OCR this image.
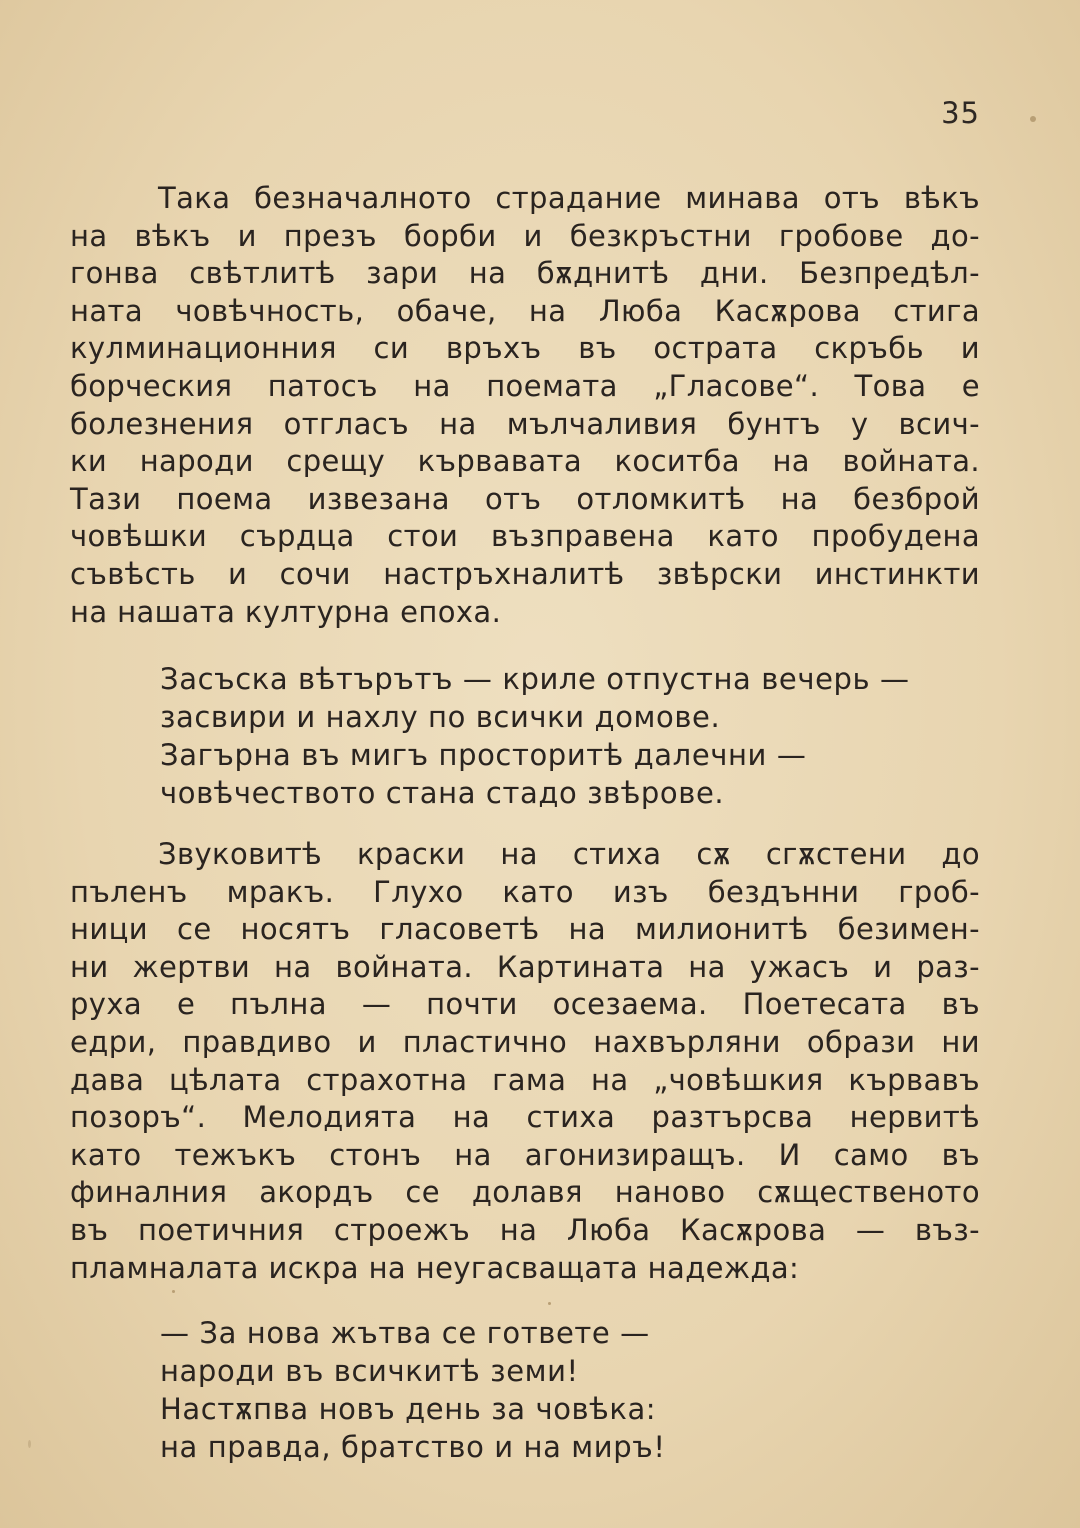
35
Така безначалното страдание минава отъ вѣкъ
на вѣкъ и презъ борби и безкръстни гробове до-
гонва свѣтлитѣ зари на бѫднитѣ дни. Безпредѣл-
ната човѣчность, обаче, на Люба Касѫрова стига
кулминационния си връхъ въ острата скръбь и
борческия патосъ на поемата „Гласове“. Това е
болезнения отгласъ на мълчаливия бунтъ у всич-
ки народи срещу кървавата коситба на войната.
Тази поема извезана отъ отломкитѣ на безброй
човѣшки сърдца стои възправена като пробудена
съвѣсть и сочи настръхналитѣ звѣрски инстинкти
на нашата културна епоха.
Засъска вѣтърътъ — криле отпустна вечерь —
засвири и нахлу по всички домове.
Загърна въ мигъ просторитѣ далечни —
човѣчеството стана стадо звѣрове.
Звуковитѣ краски на стиха сѫ сгѫстени до
пъленъ мракъ. Глухо като изъ бездънни гроб-
ници се носятъ гласоветѣ на милионитѣ безимен-
ни жертви на войната. Картината на ужасъ и раз-
руха е пълна — почти осезаема. Поетесата въ
едри, правдиво и пластично нахвърляни образи ни
дава цѣлата страхотна гама на „човѣшкия кървавъ
позоръ“. Мелодията на стиха разтърсва нервитѣ
като тежъкъ стонъ на агонизиращъ. И само въ
финалния акордъ се долавя наново сѫщественото
въ поетичния строежъ на Люба Касѫрова — въз-
пламналата искра на неугасващата надежда:
— За нова жътва се гответе —
народи въ всичкитѣ земи!
Настѫпва новъ день за човѣка:
на правда, братство и на миръ!
